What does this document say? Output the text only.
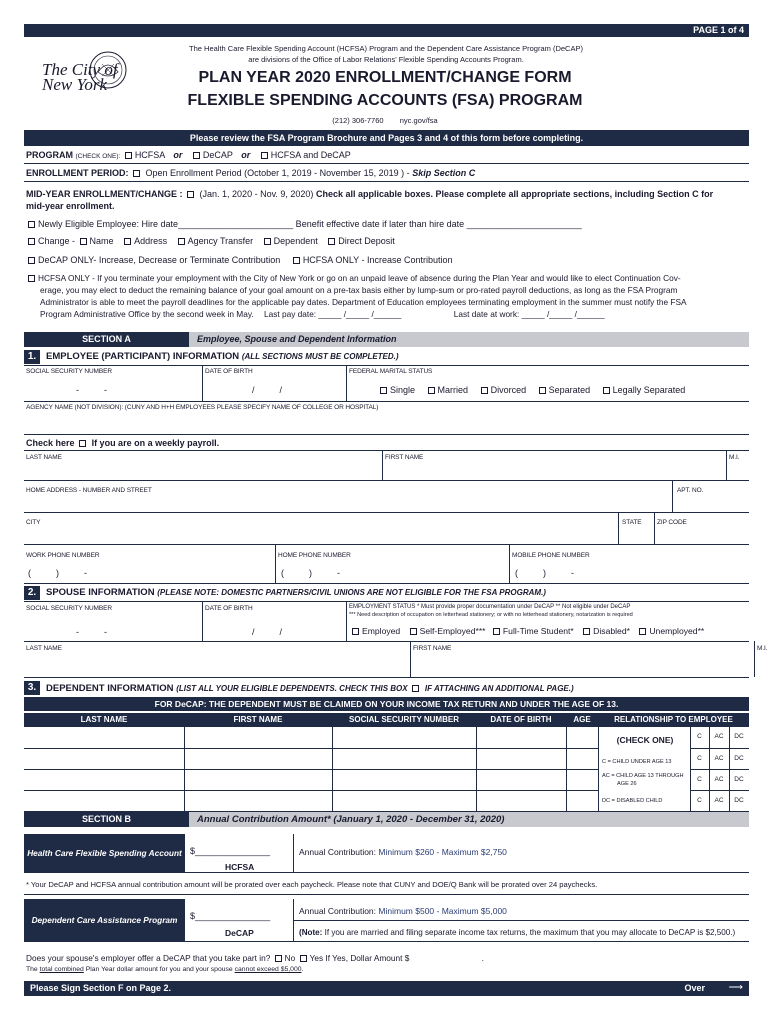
PAGE 1 of 4
The City of New York
The Health Care Flexible Spending Account (HCFSA) Program and the Dependent Care Assistance Program (DeCAP)
are divisions of the Office of Labor Relations' Flexible Spending Accounts Program.
PLAN YEAR 2020 ENROLLMENT/CHANGE FORM
FLEXIBLE SPENDING ACCOUNTS (FSA) PROGRAM
(212) 306-7760 nyc.gov/fsa
Please review the FSA Program Brochure and Pages 3 and 4 of this form before completing.
PROGRAM (CHECK ONE): HCFSA or DeCAP or HCFSA and DeCAP
ENROLLMENT PERIOD: Open Enrollment Period (October 1, 2019 - November 15, 2019 ) - Skip Section C
MID-YEAR ENROLLMENT/CHANGE : (Jan. 1, 2020 - Nov. 9, 2020) Check all applicable boxes. Please complete all appropriate sections, including Section C for
mid-year enrollment.
Newly Eligible Employee: Hire date_______________________ Benefit effective date if later than hire date _______________________
Change - Name Address Agency Transfer Dependent Direct Deposit
DeCAP ONLY- Increase, Decrease or Terminate Contribution	HCFSA ONLY - Increase Contribution
HCFSA ONLY - If you terminate your employment with the City of New York or go on an unpaid leave of absence during the Plan Year and would like to elect Continuation Cov-
erage, you may elect to deduct the remaining balance of your goal amount on a pre-tax basis either by lump-sum or pro-rated payroll deductions, as long as the FSA Program
Administrator is able to meet the payroll deadlines for the applicable pay dates. Department of Education employees terminating employment in the summer must notify the FSA
Program Administrative Office by the second week in May. Last pay date: _____ /_____ /______	Last date at work: _____ /_____ /______
SECTION A	Employee, Spouse and Dependent Information
1.	EMPLOYEE (PARTICIPANT) INFORMATION (ALL SECTIONS MUST BE COMPLETED.)
SOCIAL SECURITY NUMBER	DATE OF BIRTH	FEDERAL MARITAL STATUS
-          -	/          /	Single	Married	Divorced	Separated	Legally Separated
AGENCY NAME (NOT DIVISION): (CUNY AND H+H EMPLOYEES PLEASE SPECIFY NAME OF COLLEGE OR HOSPITAL)
Check here If you are on a weekly payroll.
LAST NAME	FIRST NAME	M.I.
HOME ADDRESS - NUMBER AND STREET	APT. NO.
CITY	STATE ZIP CODE
WORK PHONE NUMBER	HOME PHONE NUMBER	MOBILE PHONE NUMBER
(          )          -	(          )          -	(          )          -
2.	SPOUSE INFORMATION (PLEASE NOTE: DOMESTIC PARTNERS/CIVIL UNIONS ARE NOT ELIGIBLE FOR THE FSA PROGRAM.)
SOCIAL SECURITY NUMBER	DATE OF BIRTH	EMPLOYMENT STATUS * Must provide proper documentation under DeCAP ** Not eligible under DeCAP
*** Need description of occupation on letterhead stationery; or with no letterhead stationery, notarization is required
-          -	/          /	Employed Self-Employed*** Full-Time Student* Disabled* Unemployed**
LAST NAME	FIRST NAME	M.I.
3.	DEPENDENT INFORMATION (LIST ALL YOUR ELIGIBLE DEPENDENTS. CHECK THIS BOX IF ATTACHING AN ADDITIONAL PAGE.)
FOR DeCAP: THE DEPENDENT MUST BE CLAIMED ON YOUR INCOME TAX RETURN AND UNDER THE AGE OF 13.
LAST NAME	FIRST NAME	SOCIAL SECURITY NUMBER	DATE OF BIRTH	AGE	RELATIONSHIP TO EMPLOYEE
(CHECK ONE)
C = CHILD UNDER AGE 13
AC = CHILD AGE 13 THROUGH
AGE 26
DC = DISABLED CHILD
C	AC	DC
C	AC	DC
C	AC	DC
C	AC	DC
SECTION B	Annual Contribution Amount* (January 1, 2020 - December 31, 2020)
Health Care Flexible Spending Account $_______________
HCFSA
Annual Contribution: Minimum $260 - Maximum $2,750
* Your DeCAP and HCFSA annual contribution amount will be prorated over each paycheck. Please note that CUNY and DOE/Q Bank will be prorated over 24 paychecks.
Dependent Care Assistance Program $_______________
DeCAP
Annual Contribution: Minimum $500 - Maximum $5,000
(Note: If you are married and filing separate income tax returns, the maximum that you may allocate to DeCAP is $2,500.)
Does your spouse's employer offer a DeCAP that you take part in? No Yes If Yes, Dollar Amount $	.
The total combined Plan Year dollar amount for you and your spouse cannot exceed $5,000.
Please Sign Section F on Page 2.	Over ⟶
